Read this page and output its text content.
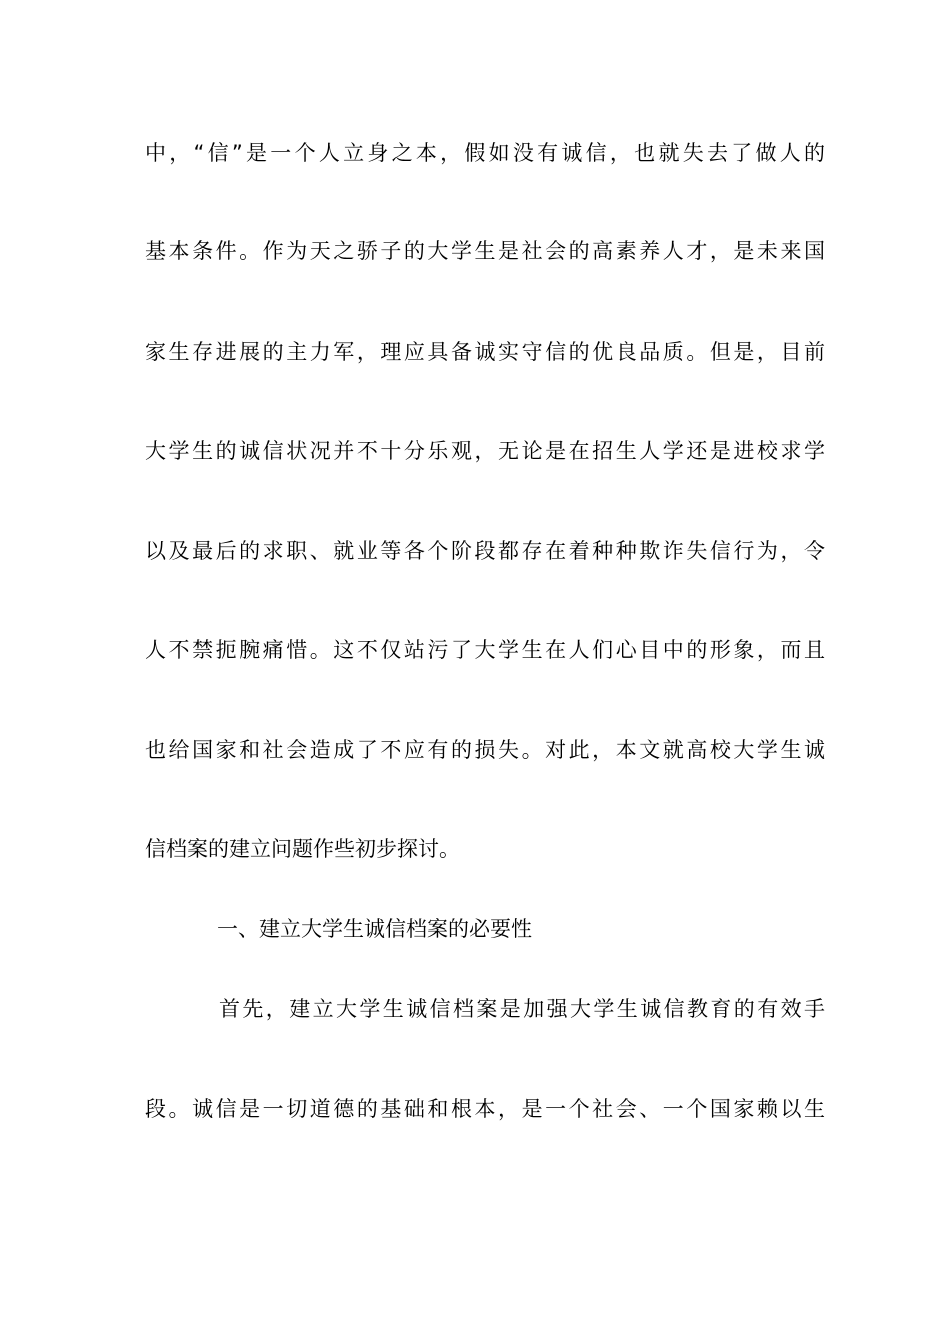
中，“信”是一个人立身之本，假如没有诚信，也就失去了做人的
基本条件。作为天之骄子的大学生是社会的高素养人才，是未来国
家生存进展的主力军，理应具备诚实守信的优良品质。但是，目前
大学生的诚信状况并不十分乐观，无论是在招生人学还是进校求学
以及最后的求职、就业等各个阶段都存在着种种欺诈失信行为，令
人不禁扼腕痛惜。这不仅站污了大学生在人们心目中的形象，而且
也给国家和社会造成了不应有的损失。对此，本文就高校大学生诚
信档案的建立问题作些初步探讨。
一、建立大学生诚信档案的必要性
首先，建立大学生诚信档案是加强大学生诚信教育的有效手
段。诚信是一切道德的基础和根本，是一个社会、一个国家赖以生
